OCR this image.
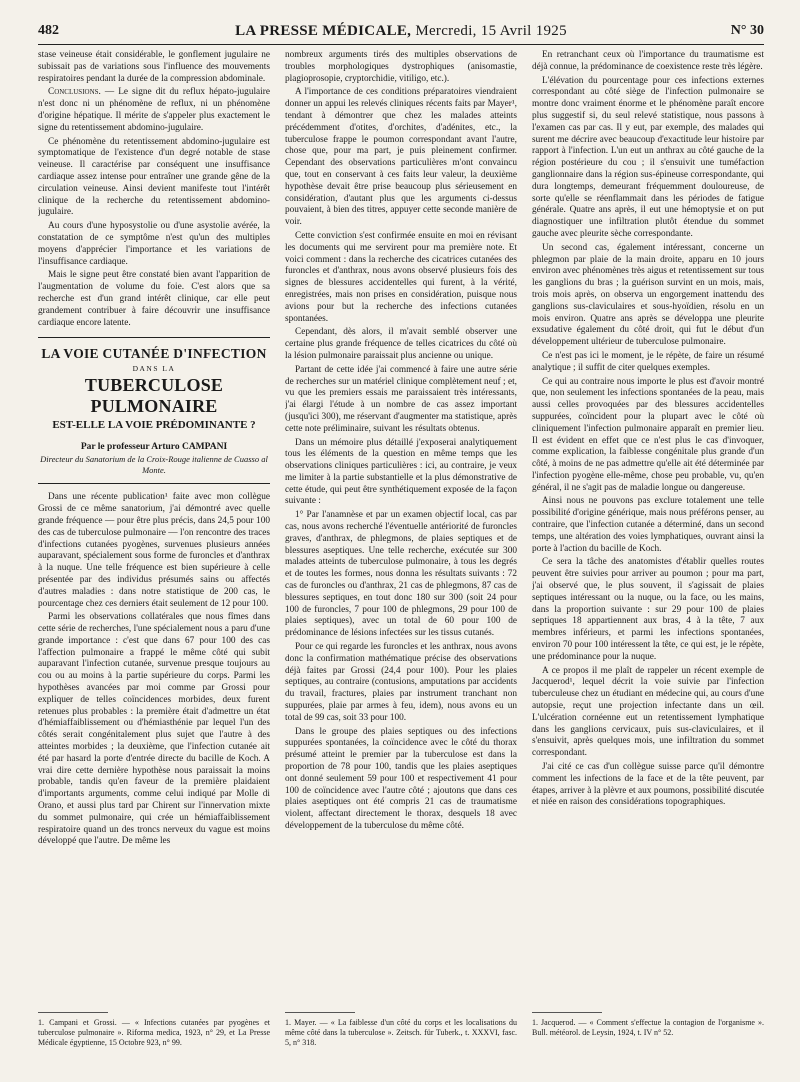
482	LA PRESSE MÉDICALE, Mercredi, 15 Avril 1925	N° 30

stase veineuse était considérable, le gonflement jugulaire ne subissait pas de variations sous l'influence des mouvements respiratoires pendant la durée de la compression abdominale.

Conclusions. — Le signe dit du reflux hépato-jugulaire n'est donc ni un phénomène de reflux, ni un phénomène d'origine hépatique. Il mérite de s'appeler plus exactement le signe du retentissement abdomino-jugulaire.

Ce phénomène du retentissement abdomino-jugulaire est symptomatique de l'existence d'un degré notable de stase veineuse. Il caractérise par conséquent une insuffisance cardiaque assez intense pour entraîner une grande gêne de la circulation veineuse. Ainsi devient manifeste tout l'intérêt clinique de la recherche du retentissement abdomino-jugulaire.

Au cours d'une hyposystolie ou d'une asystolie avérée, la constatation de ce symptôme n'est qu'un des multiples moyens d'apprécier l'importance et les variations de l'insuffisance cardiaque.

Mais le signe peut être constaté bien avant l'apparition de l'augmentation de volume du foie. C'est alors que sa recherche est d'un grand intérêt clinique, car elle peut grandement contribuer à faire découvrir une insuffisance cardiaque encore latente.

LA VOIE CUTANÉE D'INFECTION
DANS LA
TUBERCULOSE PULMONAIRE
EST-ELLE LA VOIE PRÉDOMINANTE ?
Par le professeur Arturo CAMPANI
Directeur du Sanatorium de la Croix-Rouge italienne de Cuasso al Monte.

Dans une récente publication¹ faite avec mon collègue Grossi de ce même sanatorium, j'ai démontré avec quelle grande fréquence — pour être plus précis, dans 24,5 pour 100 des cas de tuberculose pulmonaire — l'on rencontre des traces d'infections cutanées pyogènes, survenues plusieurs années auparavant, spécialement sous forme de furoncles et d'anthrax à la nuque. Une telle fréquence est bien supérieure à celle présentée par des individus présumés sains ou affectés d'autres maladies : dans notre statistique de 200 cas, le pourcentage chez ces derniers était seulement de 12 pour 100.

Parmi les observations collatérales que nous fîmes dans cette série de recherches, l'une spécialement nous a paru d'une grande importance : c'est que dans 67 pour 100 des cas l'affection pulmonaire a frappé le même côté qui subit auparavant l'infection cutanée, survenue presque toujours au cou ou au moins à la partie supérieure du corps. Parmi les hypothèses avancées par moi comme par Grossi pour expliquer de telles coïncidences morbides, deux furent retenues plus probables : la première était d'admettre un état d'hémiaffaiblissement ou d'hémiasthénie par lequel l'un des côtés serait congénitalement plus sujet que l'autre à des atteintes morbides ; la deuxième, que l'infection cutanée ait été par hasard la porte d'entrée directe du bacille de Koch. A vrai dire cette dernière hypothèse nous paraissait la moins probable, tandis qu'en faveur de la première plaidaient d'importants arguments, comme celui indiqué par Molle di Orano, et aussi plus tard par Chirent sur l'innervation mixte du sommet pulmonaire, qui crée un hémiaffaiblissement respiratoire quand un des troncs nerveux du vague est moins développé que l'autre. De même les

nombreux arguments tirés des multiples observations de troubles morphologiques dystrophiques (anisomastie, plagioprosopie, cryptorchidie, vitiligo, etc.).

A l'importance de ces conditions préparatoires viendraient donner un appui les relevés cliniques récents faits par Mayer¹, tendant à démontrer que chez les malades atteints précédemment d'otites, d'orchites, d'adénites, etc., la tuberculose frappe le poumon correspondant avant l'autre, chose que, pour ma part, je puis pleinement confirmer. Cependant des observations particulières m'ont convaincu que, tout en conservant à ces faits leur valeur, la deuxième hypothèse devait être prise beaucoup plus sérieusement en considération, d'autant plus que les arguments ci-dessus pouvaient, à bien des titres, appuyer cette seconde manière de voir.

Cette conviction s'est confirmée ensuite en moi en révisant les documents qui me servirent pour ma première note. Et voici comment : dans la recherche des cicatrices cutanées des furoncles et d'anthrax, nous avons observé plusieurs fois des signes de blessures accidentelles qui furent, à la vérité, enregistrées, mais non prises en considération, puisque nous avions pour but la recherche des infections cutanées spontanées.

Cependant, dès alors, il m'avait semblé observer une certaine plus grande fréquence de telles cicatrices du côté où la lésion pulmonaire paraissait plus ancienne ou unique.

Partant de cette idée j'ai commencé à faire une autre série de recherches sur un matériel clinique complètement neuf ; et, vu que les premiers essais me paraissaient très intéressants, j'ai élargi l'étude à un nombre de cas assez important (jusqu'ici 300), me réservant d'augmenter ma statistique, après cette note préliminaire, suivant les résultats obtenus.

Dans un mémoire plus détaillé j'exposerai analytiquement tous les éléments de la question en même temps que les observations cliniques particulières : ici, au contraire, je veux me limiter à la partie substantielle et la plus démonstrative de cette étude, qui peut être synthétiquement exposée de la façon suivante :

1° Par l'anamnèse et par un examen objectif local, cas par cas, nous avons recherché l'éventuelle antériorité de furoncles graves, d'anthrax, de phlegmons, de plaies septiques et de blessures aseptiques. Une telle recherche, exécutée sur 300 malades atteints de tuberculose pulmonaire, à tous les degrés et de toutes les formes, nous donna les résultats suivants : 72 cas de furoncles ou d'anthrax, 21 cas de phlegmons, 87 cas de blessures septiques, en tout donc 180 sur 300 (soit 24 pour 100 de furoncles, 7 pour 100 de phlegmons, 29 pour 100 de plaies septiques), avec un total de 60 pour 100 de prédominance de lésions infectées sur les tissus cutanés.

Pour ce qui regarde les furoncles et les anthrax, nous avons donc la confirmation mathématique précise des observations déjà faites par Grossi (24,4 pour 100). Pour les plaies septiques, au contraire (contusions, amputations par accidents du travail, fractures, plaies par instrument tranchant non suppurées, plaie par armes à feu, idem), nous avons eu un total de 99 cas, soit 33 pour 100.

Dans le groupe des plaies septiques ou des infections suppurées spontanées, la coïncidence avec le côté du thorax présumé atteint le premier par la tuberculose est dans la proportion de 78 pour 100, tandis que les plaies aseptiques ont donné seulement 59 pour 100 et respectivement 41 pour 100 de coïncidence avec l'autre côté ; ajoutons que dans ces plaies aseptiques ont été compris 21 cas de traumatisme violent, affectant directement le thorax, desquels 18 avec développement de la tuberculose du même côté.

En retranchant ceux où l'importance du traumatisme est déjà connue, la prédominance de coexistence reste très légère.

L'élévation du pourcentage pour ces infections externes correspondant au côté siège de l'infection pulmonaire se montre donc vraiment énorme et le phénomène paraît encore plus suggestif si, du seul relevé statistique, nous passons à l'examen cas par cas. Il y eut, par exemple, des malades qui surent me décrire avec beaucoup d'exactitude leur histoire par rapport à l'infection. L'un eut un anthrax au côté gauche de la région postérieure du cou ; il s'ensuivit une tuméfaction ganglionnaire dans la région sus-épineuse correspondante, qui dura longtemps, demeurant fréquemment douloureuse, de sorte qu'elle se réenflammait dans les périodes de fatigue générale. Quatre ans après, il eut une hémoptysie et on put diagnostiquer une infiltration plutôt étendue du sommet gauche avec pleurite sèche correspondante.

Un second cas, également intéressant, concerne un phlegmon par plaie de la main droite, apparu en 10 jours environ avec phénomènes très aigus et retentissement sur tous les ganglions du bras ; la guérison survint en un mois, mais, trois mois après, on observa un engorgement inattendu des ganglions sus-claviculaires et sous-hyoïdien, résolu en un mois environ. Quatre ans après se développa une pleurite exsudative également du côté droit, qui fut le début d'un développement ultérieur de tuberculose pulmonaire.

Ce n'est pas ici le moment, je le répète, de faire un résumé analytique ; il suffit de citer quelques exemples.

Ce qui au contraire nous importe le plus est d'avoir montré que, non seulement les infections spontanées de la peau, mais aussi celles provoquées par des blessures accidentelles suppurées, coïncident pour la plupart avec le côté où cliniquement l'infection pulmonaire apparaît en premier lieu. Il est évident en effet que ce n'est plus le cas d'invoquer, comme explication, la faiblesse congénitale plus grande d'un côté, à moins de ne pas admettre qu'elle ait été déterminée par l'infection pyogène elle-même, chose peu probable, vu, qu'en général, il ne s'agit pas de maladie longue ou dangereuse.

Ainsi nous ne pouvons pas exclure totalement une telle possibilité d'origine générique, mais nous préférons penser, au contraire, que l'infection cutanée a déterminé, dans un second temps, une altération des voies lymphatiques, ouvrant ainsi la porte à l'action du bacille de Koch.

Ce sera la tâche des anatomistes d'établir quelles routes peuvent être suivies pour arriver au poumon ; pour ma part, j'ai observé que, le plus souvent, il s'agissait de plaies septiques intéressant ou la nuque, ou la face, ou les mains, dans la proportion suivante : sur 29 pour 100 de plaies septiques 18 appartiennent aux bras, 4 à la tête, 7 aux membres inférieurs, et parmi les infections spontanées, environ 70 pour 100 intéressent la tête, ce qui est, je le répète, une prédominance pour la nuque.

A ce propos il me plaît de rappeler un récent exemple de Jacquerod¹, lequel décrit la voie suivie par l'infection tuberculeuse chez un étudiant en médecine qui, au cours d'une autopsie, reçut une projection infectante dans un œil. L'ulcération cornéenne eut un retentissement lymphatique dans les ganglions cervicaux, puis sus-claviculaires, et il s'ensuivit, après quelques mois, une infiltration du sommet correspondant.

J'ai cité ce cas d'un collègue suisse parce qu'il démontre comment les infections de la face et de la tête peuvent, par étapes, arriver à la plèvre et aux poumons, possibilité discutée et niée en raison des considérations topographiques.

1. Campani et Grossi. — « Infections cutanées par pyogènes et tuberculose pulmonaire ». Riforma medica, 1923, n° 29, et La Presse Médicale égyptienne, 15 Octobre 923, n° 99.
1. Mayer. — « La faiblesse d'un côté du corps et les localisations du même côté dans la tuberculose ». Zeitsch. für Tuberk., t. XXXVI, fasc. 5, n° 318.
1. Jacquerod. — « Comment s'effectue la contagion de l'organisme ». Bull. météorol. de Leysin, 1924, t. IV n° 52.
